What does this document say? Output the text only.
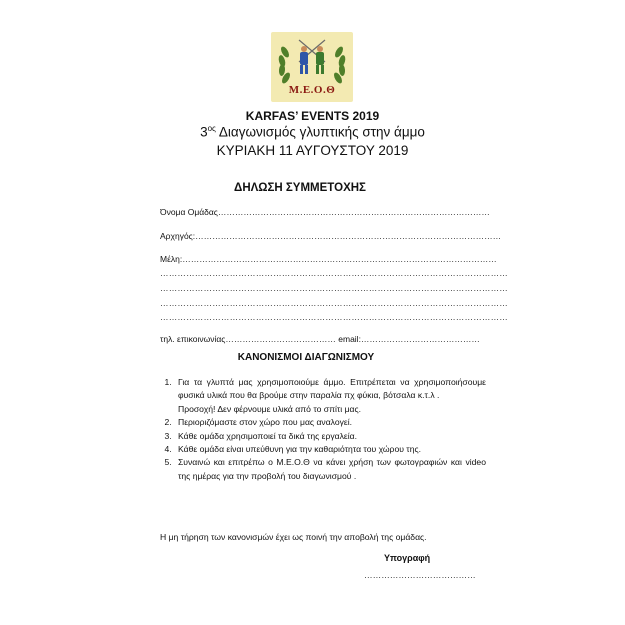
Μ.Ε.Ο.Θ
KARFAS’ EVENTS 2019
$3^{o\varsigma}$ Διαγωνισμός γλυπτικής στην άμμο
ΚΥΡΙΑΚΗ 11 ΑΥΓΟΥΣΤΟΥ 2019
ΔΗΛΩΣΗ ΣΥΜΜΕΤΟΧΗΣ
Όνομα Ομάδας……………………………………………………………………………………
Αρχηγός:………………………………………………………………………………………………
Μέλη:…………………………………………………………………………………………………
…………………………………………………………………………………………………………
…………………………………………………………………………………………………………
…………………………………………………………………………………………………………
…………………………………………………………………………………………………………
τηλ. επικοινωνίας………………………………… email:……………………………………
ΚΑΝΟΝΙΣΜΟΙ ΔΙΑΓΩΝΙΣΜΟΥ
1. Για τα γλυπτά μας χρησιμοποιούμε άμμο. Επιτρέπεται να χρησιμοποιήσουμε φυσικά υλικά που θα βρούμε στην παραλία πχ φύκια, βότσαλα κ.τ.λ .
Προσοχή! Δεν φέρνουμε υλικά από το σπίτι μας.
2. Περιοριζόμαστε στον χώρο που μας αναλογεί.
3. Κάθε ομάδα χρησιμοποιεί τα δικά της εργαλεία.
4. Κάθε ομάδα είναι υπεύθυνη για την καθαριότητα του χώρου της.
5. Συναινώ και επιτρέπω ο Μ.Ε.Ο.Θ να κάνει χρήση των φωτογραφιών και video της ημέρας για την προβολή του διαγωνισμού .
Η μη τήρηση των κανονισμών έχει ως ποινή την αποβολή της ομάδας.
Υπογραφή
…………………………………
